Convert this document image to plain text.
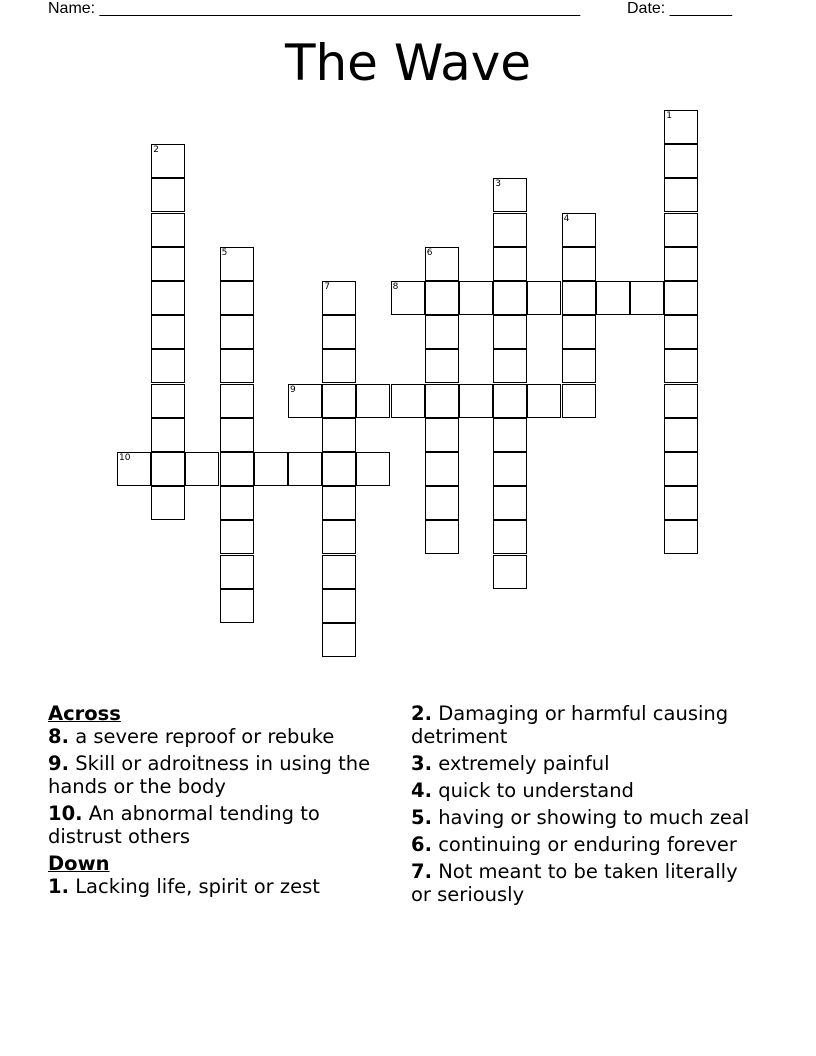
Name: ______________________________________________________	Date: _______
The Wave
1
2
3
4
5	6
7	8
9
10
Across
8. a severe reproof or rebuke
9. Skill or adroitness in using the hands or the body
10. An abnormal tending to distrust others
Down
1. Lacking life, spirit or zest
2. Damaging or harmful causing detriment
3. extremely painful
4. quick to understand
5. having or showing to much zeal
6. continuing or enduring forever
7. Not meant to be taken literally or seriously
